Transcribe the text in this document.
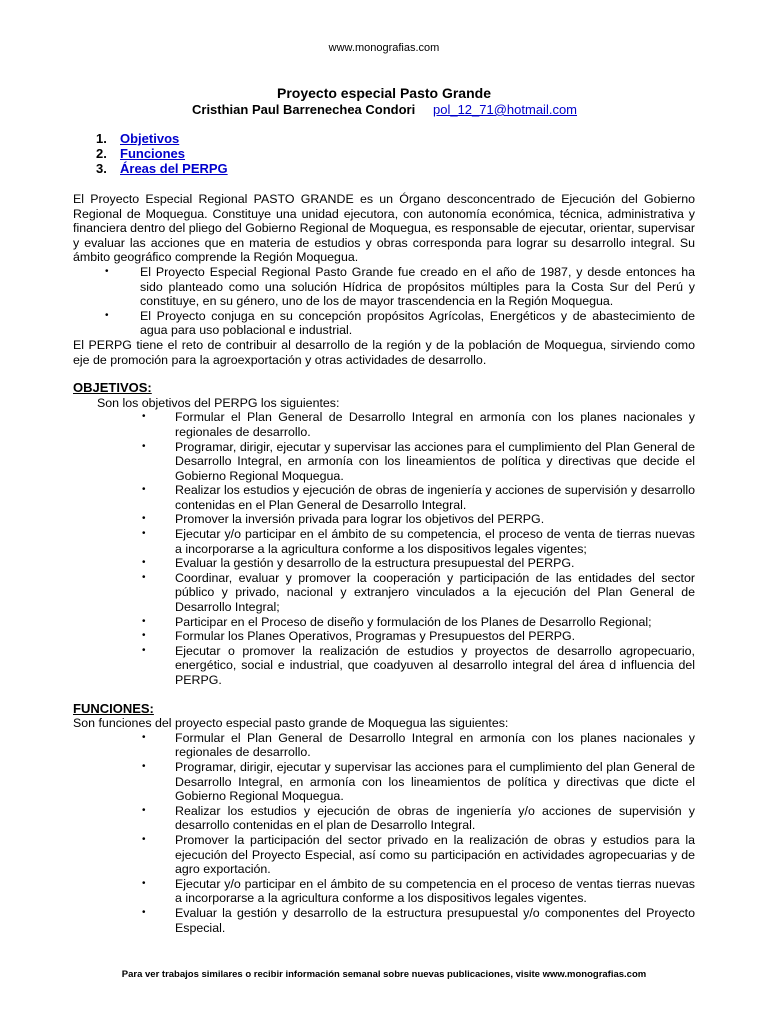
www.monografias.com
Proyecto especial Pasto Grande
Cristhian Paul Barrenechea Condori pol_12_71@hotmail.com
1. Objetivos
2. Funciones
3. Áreas del PERPG

El Proyecto Especial Regional PASTO GRANDE es un Órgano desconcentrado de Ejecución del Gobierno Regional de Moquegua. Constituye una unidad ejecutora, con autonomía económica, técnica, administrativa y financiera dentro del pliego del Gobierno Regional de Moquegua, es responsable de ejecutar, orientar, supervisar y evaluar las acciones que en materia de estudios y obras corresponda para lograr su desarrollo integral. Su ámbito geográfico comprende la Región Moquegua.

• El Proyecto Especial Regional Pasto Grande fue creado en el año de 1987, y desde entonces ha sido planteado como una solución Hídrica de propósitos múltiples para la Costa Sur del Perú y constituye, en su género, uno de los de mayor trascendencia en la Región Moquegua.
• El Proyecto conjuga en su concepción propósitos Agrícolas, Energéticos y de abastecimiento de agua para uso poblacional e industrial.

El PERPG tiene el reto de contribuir al desarrollo de la región y de la población de Moquegua, sirviendo como eje de promoción para la agroexportación y otras actividades de desarrollo.

OBJETIVOS:

Son los objetivos del PERPG los siguientes:

• Formular el Plan General de Desarrollo Integral en armonía con los planes nacionales y regionales de desarrollo.
• Programar, dirigir, ejecutar y supervisar las acciones para el cumplimiento del Plan General de Desarrollo Integral, en armonía con los lineamientos de política y directivas que decide el Gobierno Regional Moquegua.
• Realizar los estudios y ejecución de obras de ingeniería y acciones de supervisión y desarrollo contenidas en el Plan General de Desarrollo Integral.
• Promover la inversión privada para lograr los objetivos del PERPG.
• Ejecutar y/o participar en el ámbito de su competencia, el proceso de venta de tierras nuevas a incorporarse a la agricultura conforme a los dispositivos legales vigentes;
• Evaluar la gestión y desarrollo de la estructura presupuestal del PERPG.
• Coordinar, evaluar y promover la cooperación y participación de las entidades del sector público y privado, nacional y extranjero vinculados a la ejecución del Plan General de Desarrollo Integral;
• Participar en el Proceso de diseño y formulación de los Planes de Desarrollo Regional;
• Formular los Planes Operativos, Programas y Presupuestos del PERPG.
• Ejecutar o promover la realización de estudios y proyectos de desarrollo agropecuario, energético, social e industrial, que coadyuven al desarrollo integral del área d influencia del PERPG.
FUNCIONES:

Son funciones del proyecto especial pasto grande de Moquegua las siguientes:

• Formular el Plan General de Desarrollo Integral en armonía con los planes nacionales y regionales de desarrollo.
• Programar, dirigir, ejecutar y supervisar las acciones para el cumplimiento del plan General de Desarrollo Integral, en armonía con los lineamientos de política y directivas que dicte el Gobierno Regional Moquegua.
• Realizar los estudios y ejecución de obras de ingeniería y/o acciones de supervisión y desarrollo contenidas en el plan de Desarrollo Integral.
• Promover la participación del sector privado en la realización de obras y estudios para la ejecución del Proyecto Especial, así como su participación en actividades agropecuarias y de agro exportación.
• Ejecutar y/o participar en el ámbito de su competencia en el proceso de ventas tierras nuevas a incorporarse a la agricultura conforme a los dispositivos legales vigentes.
• Evaluar la gestión y desarrollo de la estructura presupuestal y/o componentes del Proyecto Especial.
Para ver trabajos similares o recibir información semanal sobre nuevas publicaciones, visite www.monografias.com
